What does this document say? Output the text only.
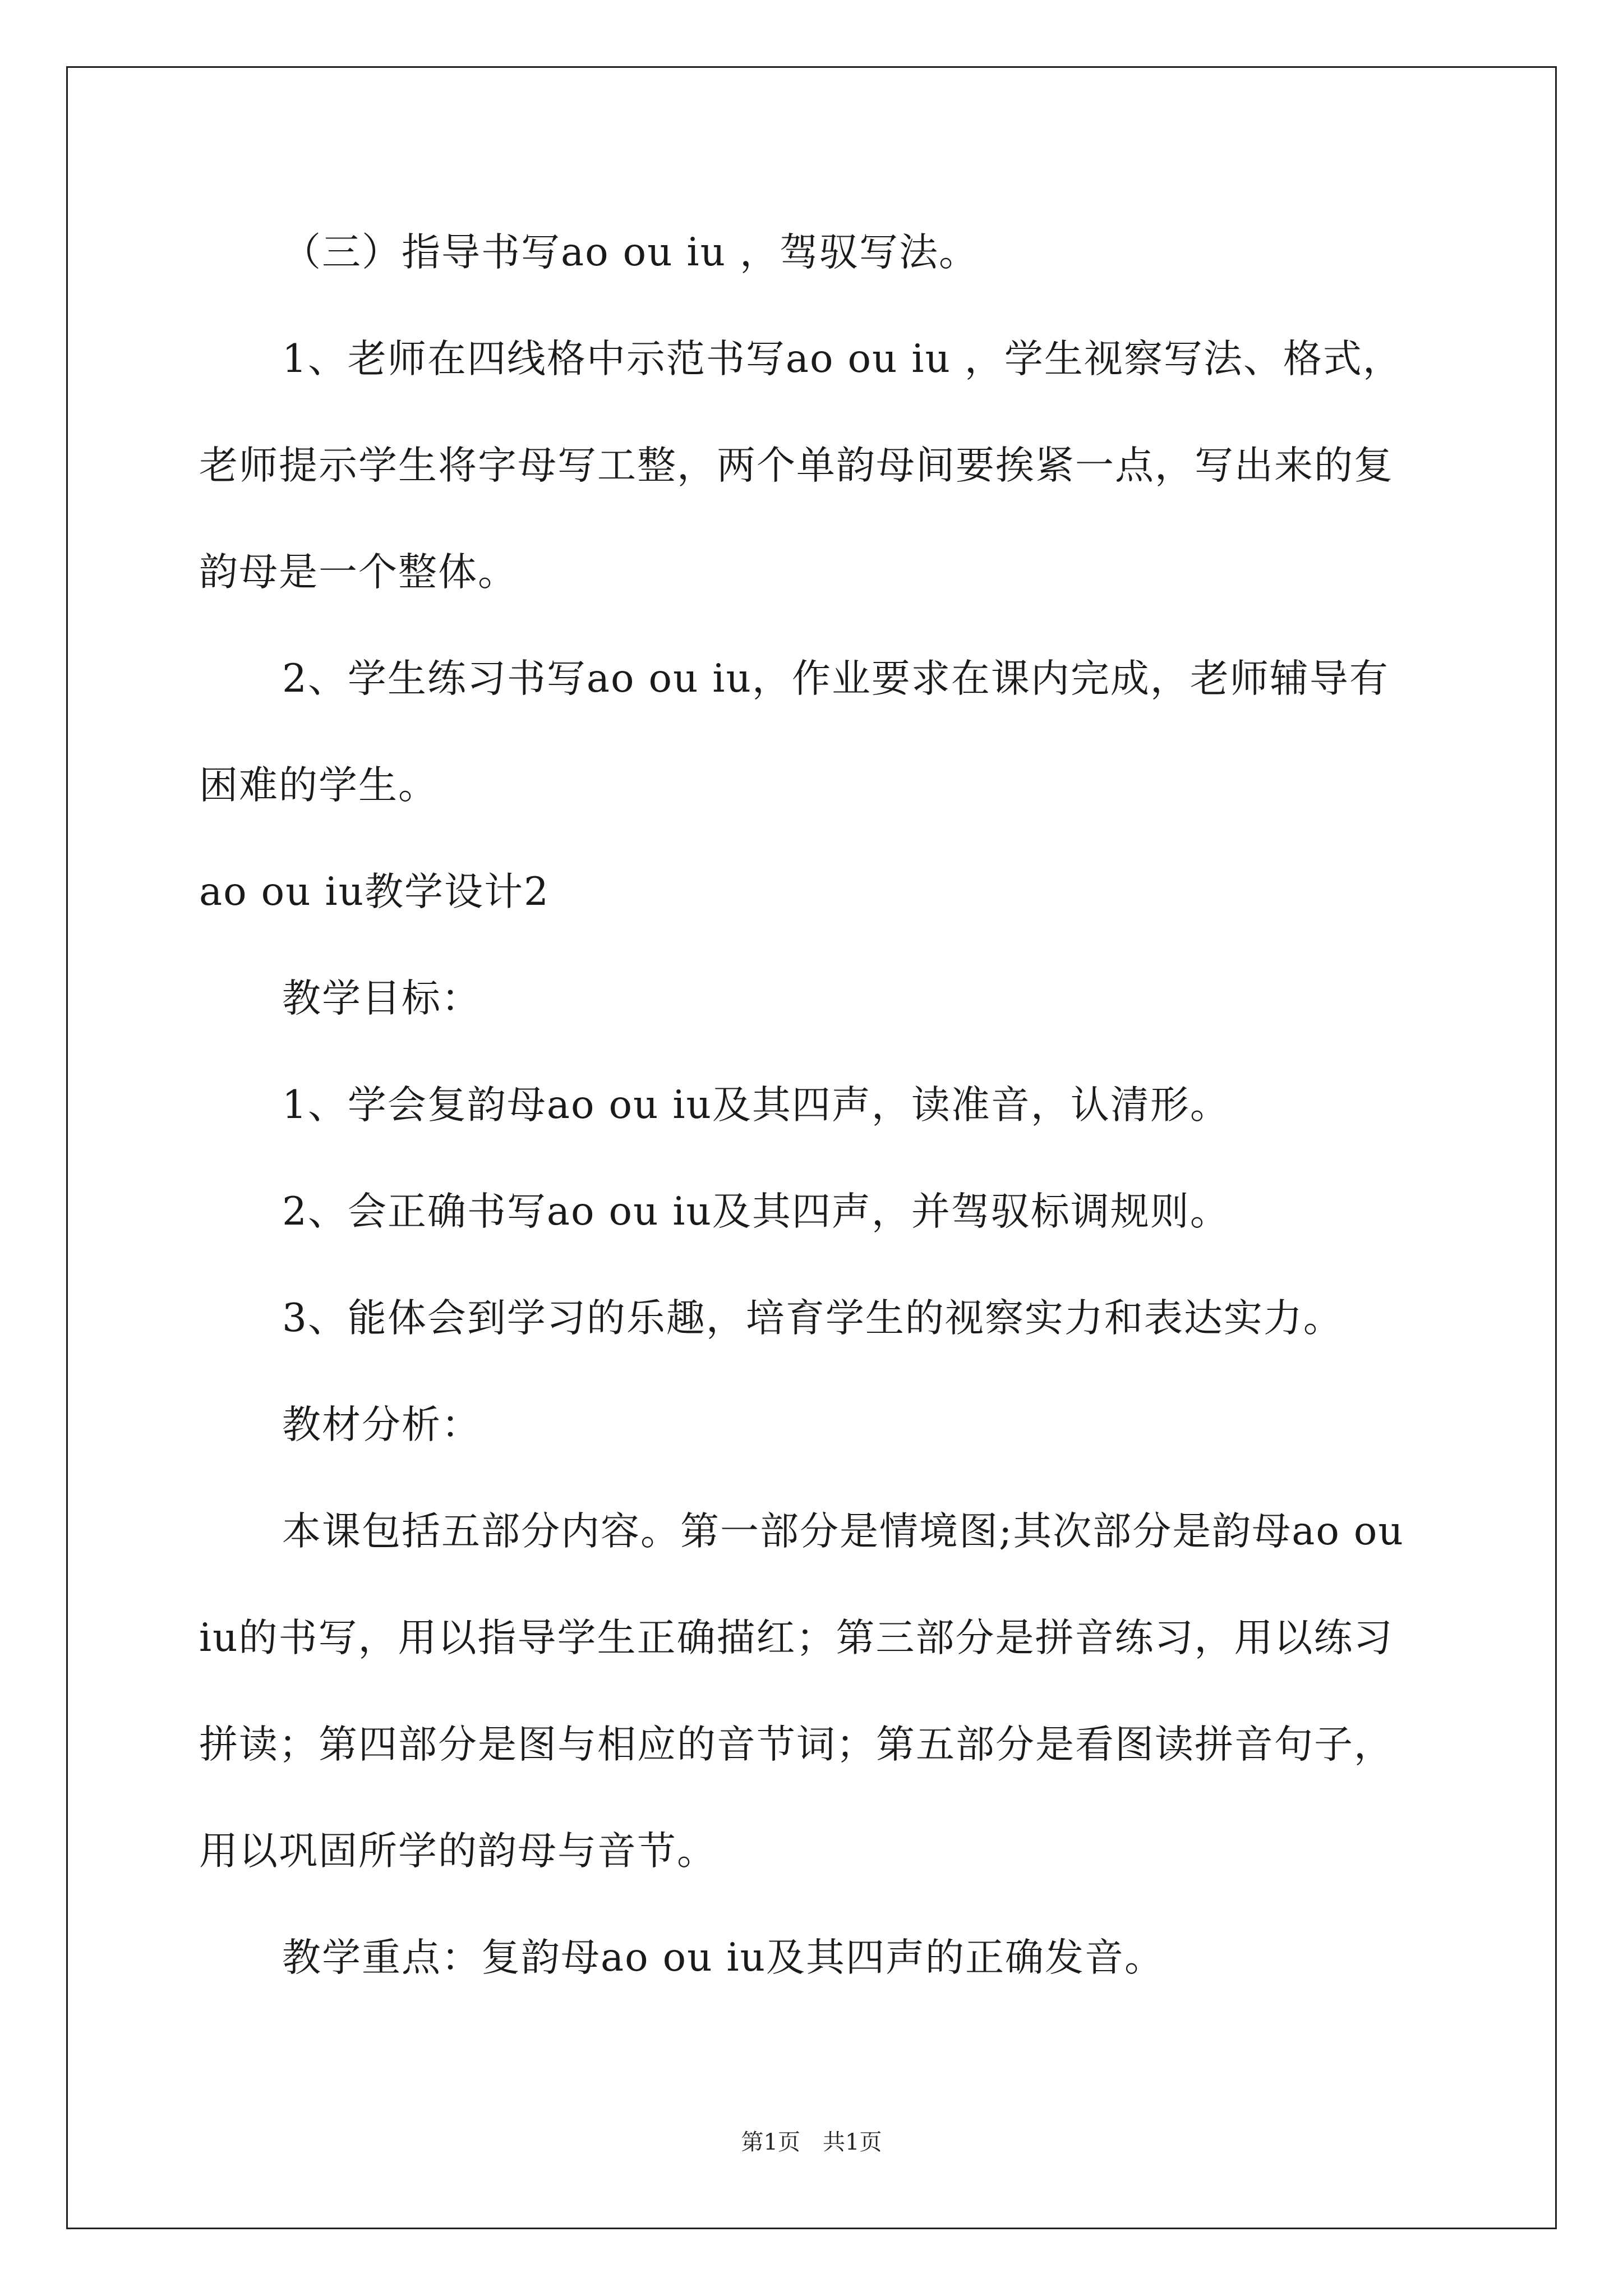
（三）指导书写ao ou iu ，驾驭写法。
1、老师在四线格中示范书写ao ou iu ，学生视察写法、格式，
老师提示学生将字母写工整，两个单韵母间要挨紧一点，写出来的复
韵母是一个整体。
2、学生练习书写ao ou iu，作业要求在课内完成，老师辅导有
困难的学生。
ao ou iu教学设计2
教学目标：
1、学会复韵母ao ou iu及其四声，读准音，认清形。
2、会正确书写ao ou iu及其四声，并驾驭标调规则。
3、能体会到学习的乐趣，培育学生的视察实力和表达实力。
教材分析：
本课包括五部分内容。第一部分是情境图;其次部分是韵母ao ou
iu的书写，用以指导学生正确描红；第三部分是拼音练习，用以练习
拼读；第四部分是图与相应的音节词；第五部分是看图读拼音句子，
用以巩固所学的韵母与音节。
教学重点：复韵母ao ou iu及其四声的正确发音。
第1页　共1页
